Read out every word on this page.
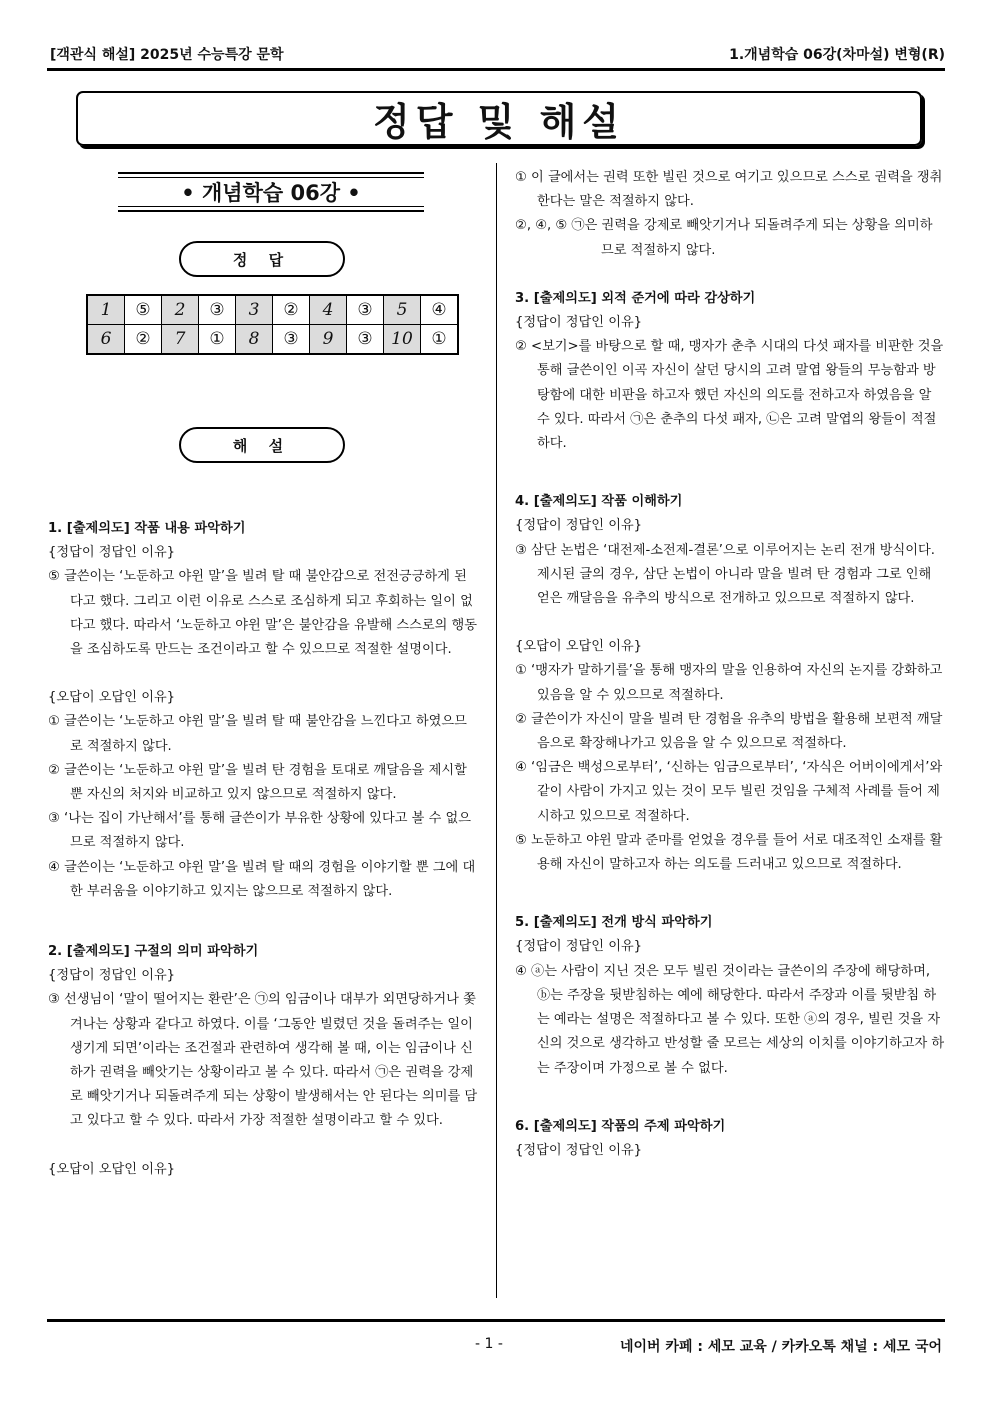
[객관식 해설] 2025년 수능특강 문학	1.개념학습 06강(차마설) 변형(R)
정답 및 해설
• 개념학습 06강 •
정 답
1	⑤	2	③	3	②	4	③	5	④
6	②	7	①	8	③	9	③	10	①
해 설
1. [출제의도] 작품 내용 파악하기
{정답이 정답인 이유}
⑤ 글쓴이는 ‘노둔하고 야윈 말’을 빌려 탈 때 불안감으로 전전긍긍하게 된다고 했다. 그리고 이런 이유로 스스로 조심하게 되고 후회하는 일이 없다고 했다. 따라서 ‘노둔하고 야윈 말’은 불안감을 유발해 스스로의 행동을 조심하도록 만드는 조건이라고 할 수 있으므로 적절한 설명이다.
{오답이 오답인 이유}
① 글쓴이는 ‘노둔하고 야윈 말’을 빌려 탈 때 불안감을 느낀다고 하였으므로 적절하지 않다.
② 글쓴이는 ‘노둔하고 야윈 말’을 빌려 탄 경험을 토대로 깨달음을 제시할 뿐 자신의 처지와 비교하고 있지 않으므로 적절하지 않다.
③ ‘나는 집이 가난해서’를 통해 글쓴이가 부유한 상황에 있다고 볼 수 없으므로 적절하지 않다.
④ 글쓴이는 ‘노둔하고 야윈 말’을 빌려 탈 때의 경험을 이야기할 뿐 그에 대한 부러움을 이야기하고 있지는 않으므로 적절하지 않다.
2. [출제의도] 구절의 의미 파악하기
{정답이 정답인 이유}
③ 선생님이 ‘말이 떨어지는 환란’은 ㉠의 임금이나 대부가 외면당하거나 쫓겨나는 상황과 같다고 하였다. 이를 ‘그동안 빌렸던 것을 돌려주는 일이 생기게 되면’이라는 조건절과 관련하여 생각해 볼 때, 이는 임금이나 신하가 권력을 빼앗기는 상황이라고 볼 수 있다. 따라서 ㉠은 권력을 강제로 빼앗기거나 되돌려주게 되는 상황이 발생해서는 안 된다는 의미를 담고 있다고 할 수 있다. 따라서 가장 적절한 설명이라고 할 수 있다.
{오답이 오답인 이유}
① 이 글에서는 권력 또한 빌린 것으로 여기고 있으므로 스스로 권력을 쟁취한다는 말은 적절하지 않다.
②, ④, ⑤ ㉠은 권력을 강제로 빼앗기거나 되돌려주게 되는 상황을 의미하므로 적절하지 않다.
3. [출제의도] 외적 준거에 따라 감상하기
{정답이 정답인 이유}
② <보기>를 바탕으로 할 때, 맹자가 춘추 시대의 다섯 패자를 비판한 것을 통해 글쓴이인 이곡 자신이 살던 당시의 고려 말엽 왕들의 무능함과 방탕함에 대한 비판을 하고자 했던 자신의 의도를 전하고자 하였음을 알 수 있다. 따라서 ㉠은 춘추의 다섯 패자, ㉡은 고려 말엽의 왕들이 적절하다.
4. [출제의도] 작품 이해하기
{정답이 정답인 이유}
③ 삼단 논법은 ‘대전제-소전제-결론’으로 이루어지는 논리 전개 방식이다. 제시된 글의 경우, 삼단 논법이 아니라 말을 빌려 탄 경험과 그로 인해 얻은 깨달음을 유추의 방식으로 전개하고 있으므로 적절하지 않다.
{오답이 오답인 이유}
① ‘맹자가 말하기를’을 통해 맹자의 말을 인용하여 자신의 논지를 강화하고 있음을 알 수 있으므로 적절하다.
② 글쓴이가 자신이 말을 빌려 탄 경험을 유추의 방법을 활용해 보편적 깨달음으로 확장해나가고 있음을 알 수 있으므로 적절하다.
④ ‘임금은 백성으로부터’, ‘신하는 임금으로부터’, ‘자식은 어버이에게서’와 같이 사람이 가지고 있는 것이 모두 빌린 것임을 구체적 사례를 들어 제시하고 있으므로 적절하다.
⑤ 노둔하고 야윈 말과 준마를 얻었을 경우를 들어 서로 대조적인 소재를 활용해 자신이 말하고자 하는 의도를 드러내고 있으므로 적절하다.
5. [출제의도] 전개 방식 파악하기
{정답이 정답인 이유}
④ ⓐ는 사람이 지닌 것은 모두 빌린 것이라는 글쓴이의 주장에 해당하며, ⓑ는 주장을 뒷받침하는 예에 해당한다. 따라서 주장과 이를 뒷받침 하는 예라는 설명은 적절하다고 볼 수 있다. 또한 ⓐ의 경우, 빌린 것을 자신의 것으로 생각하고 반성할 줄 모르는 세상의 이치를 이야기하고자 하는 주장이며 가정으로 볼 수 없다.
6. [출제의도] 작품의 주제 파악하기
{정답이 정답인 이유}
- 1 -	네이버 카페 : 세모 교육 / 카카오톡 채널 : 세모 국어
